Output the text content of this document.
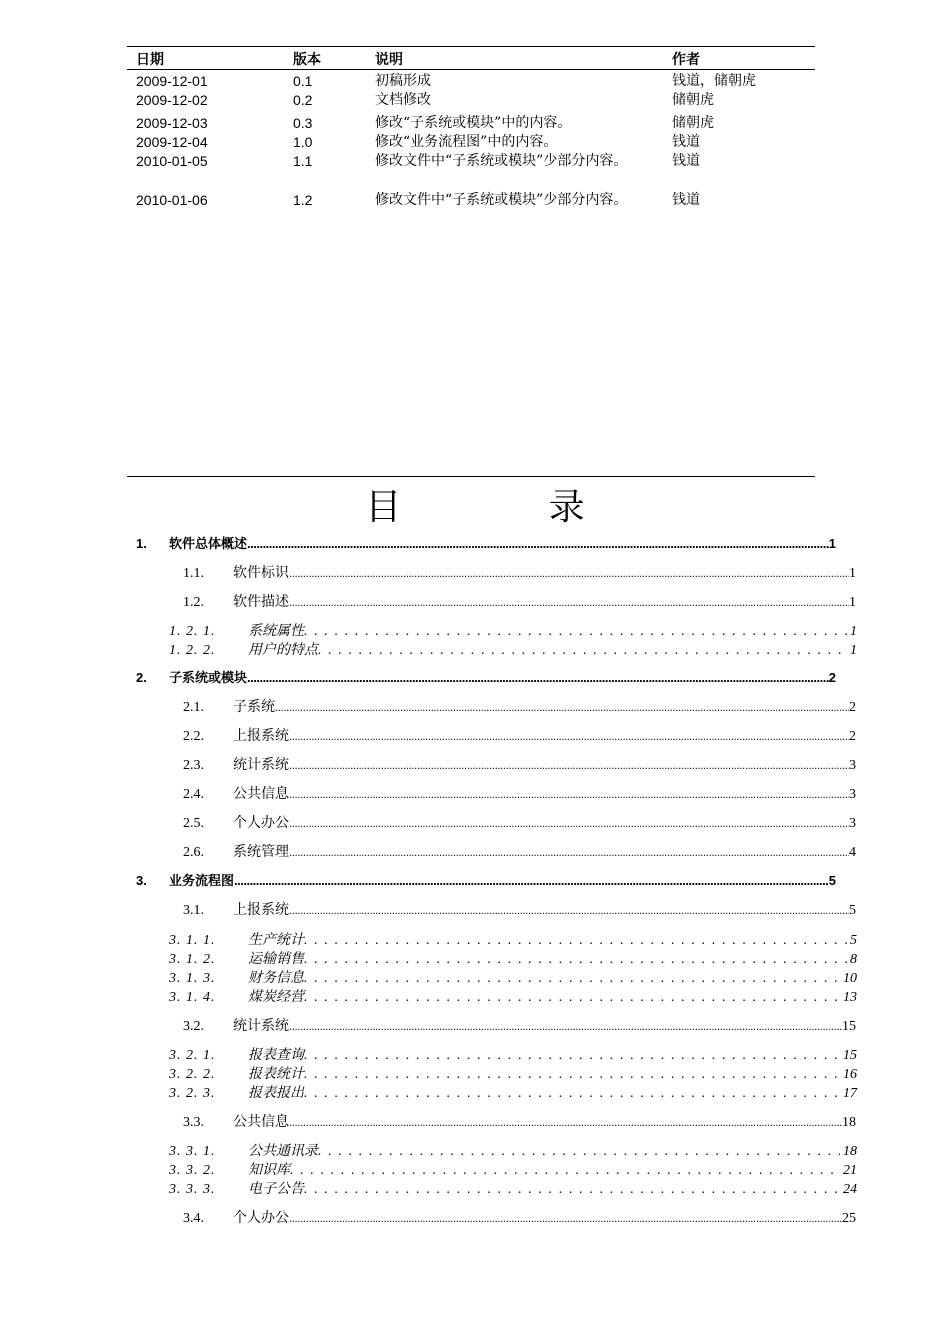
日期	版本	说明	作者
2009-12-01	0.1	初稿形成	钱道，储朝虎
2009-12-02	0.2	文档修改	储朝虎
2009-12-03	0.3	修改“子系统或模块”中的内容。	储朝虎
2009-12-04	1.0	修改“业务流程图”中的内容。	钱道
2010-01-05	1.1	修改文件中“子系统或模块”少部分内容。	钱道
2010-01-06	1.2	修改文件中“子系统或模块”少部分内容。	钱道
目 录
1.	软件总体概述 .....	1
1.1.	软件标识 .....	1
1.2.	软件描述 .....	1
1. 2. 1.	系统属性 . . .	1
1. 2. 2.	用户的特点 . . .	1
2.	子系统或模块 .....	2
2.1.	子系统 .....	2
2.2.	上报系统 .....	2
2.3.	统计系统 .....	3
2.4.	公共信息 .....	3
2.5.	个人办公 .....	3
2.6.	系统管理 .....	4
3.	业务流程图 .....	5
3.1.	上报系统 .....	5
3. 1. 1.	生产统计 . . .	5
3. 1. 2.	运输销售 . . .	8
3. 1. 3.	财务信息 . . .	10
3. 1. 4.	煤炭经营 . . .	13
3.2.	统计系统 .....	15
3. 2. 1.	报表查询 . . .	15
3. 2. 2.	报表统计 . . .	16
3. 2. 3.	报表报出 . . .	17
3.3.	公共信息 .....	18
3. 3. 1.	公共通讯录 . . .	18
3. 3. 2.	知识库 . . .	21
3. 3. 3.	电子公告 . . .	24
3.4.	个人办公 .....	25
